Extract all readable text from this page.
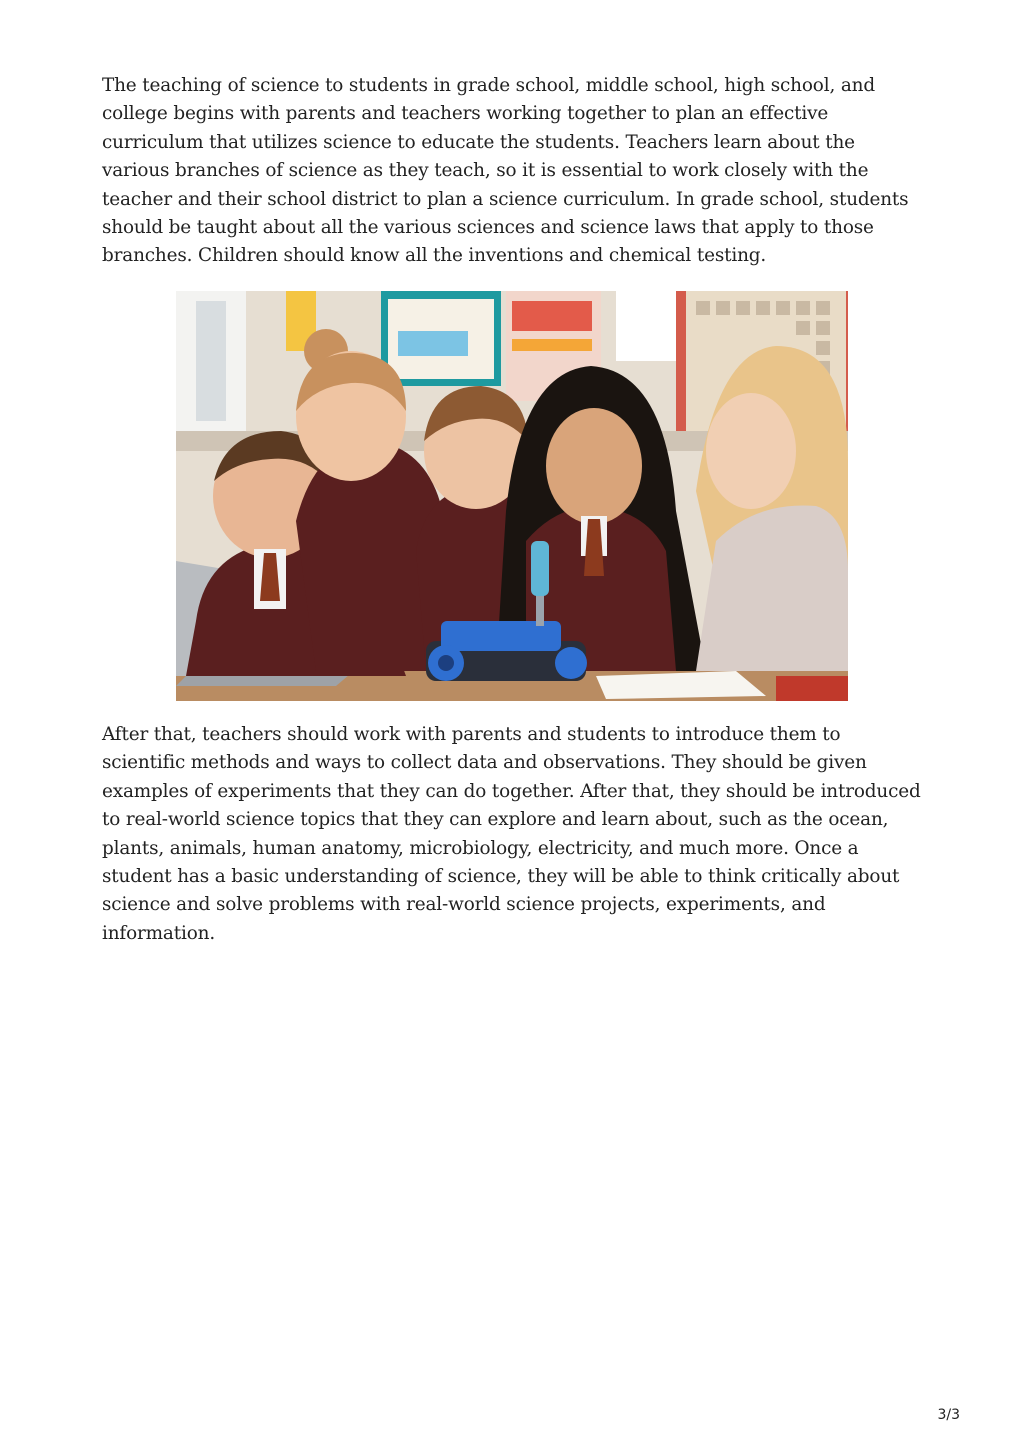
The teaching of science to students in grade school, middle school, high school, and college begins with parents and teachers working together to plan an effective curriculum that utilizes science to educate the students. Teachers learn about the various branches of science as they teach, so it is essential to work closely with the teacher and their school district to plan a science curriculum. In grade school, students should be taught about all the various sciences and science laws that apply to those branches. Children should know all the inventions and chemical testing.

After that, teachers should work with parents and students to introduce them to scientific methods and ways to collect data and observations. They should be given examples of experiments that they can do together. After that, they should be introduced to real-world science topics that they can explore and learn about, such as the ocean, plants, animals, human anatomy, microbiology, electricity, and much more. Once a student has a basic understanding of science, they will be able to think critically about science and solve problems with real-world science projects, experiments, and information.

3/3
